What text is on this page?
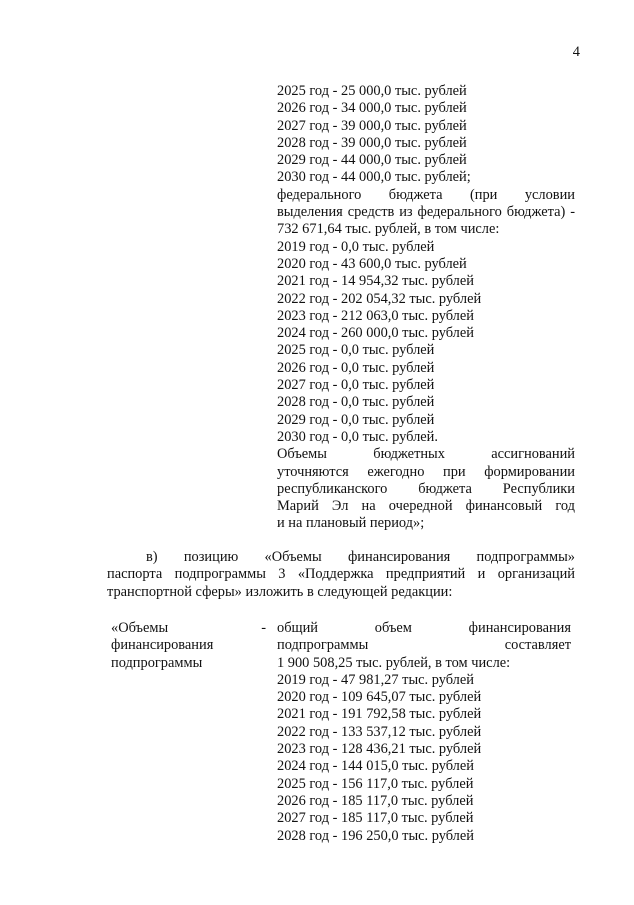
4
2025 год - 25 000,0 тыс. рублей
2026 год - 34 000,0 тыс. рублей
2027 год - 39 000,0 тыс. рублей
2028 год - 39 000,0 тыс. рублей
2029 год - 44 000,0 тыс. рублей
2030 год - 44 000,0 тыс. рублей;
федерального бюджета (при условии
выделения средств из федерального бюджета) -
732 671,64 тыс. рублей, в том числе:
2019 год - 0,0 тыс. рублей
2020 год - 43 600,0 тыс. рублей
2021 год - 14 954,32 тыс. рублей
2022 год - 202 054,32 тыс. рублей
2023 год - 212 063,0 тыс. рублей
2024 год - 260 000,0 тыс. рублей
2025 год - 0,0 тыс. рублей
2026 год - 0,0 тыс. рублей
2027 год - 0,0 тыс. рублей
2028 год - 0,0 тыс. рублей
2029 год - 0,0 тыс. рублей
2030 год - 0,0 тыс. рублей.
Объемы бюджетных ассигнований
уточняются ежегодно при формировании
республиканского бюджета Республики
Марий Эл на очередной финансовый год
и на плановый период»;
в) позицию «Объемы финансирования подпрограммы»
паспорта подпрограммы 3 «Поддержка предприятий и организаций
транспортной сферы» изложить в следующей редакции:
«Объемы -
финансирования
подпрограммы
общий объем финансирования
подпрограммы составляет
1 900 508,25 тыс. рублей, в том числе:
2019 год - 47 981,27 тыс. рублей
2020 год - 109 645,07 тыс. рублей
2021 год - 191 792,58 тыс. рублей
2022 год - 133 537,12 тыс. рублей
2023 год - 128 436,21 тыс. рублей
2024 год - 144 015,0 тыс. рублей
2025 год - 156 117,0 тыс. рублей
2026 год - 185 117,0 тыс. рублей
2027 год - 185 117,0 тыс. рублей
2028 год - 196 250,0 тыс. рублей
